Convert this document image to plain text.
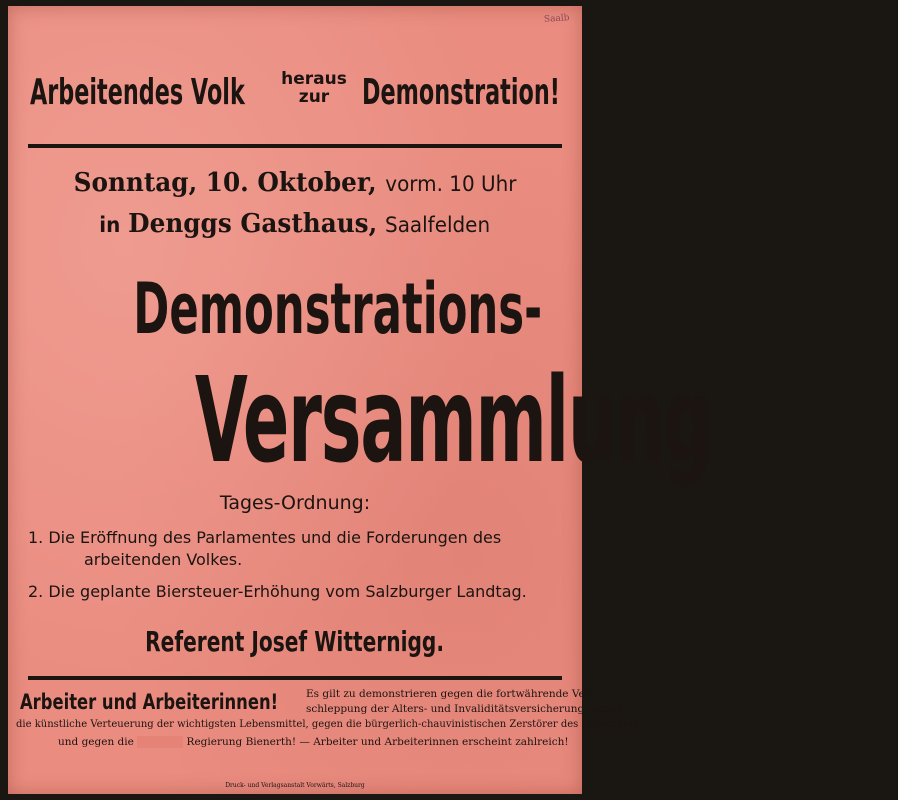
Saalb
Arbeitendes Volk heraus
zur Demonstration!
Sonntag, 10. Oktober, vorm. 10 Uhr
in Denggs Gasthaus, Saalfelden
Demonstrations-
Versammlung
Tages-Ordnung:
1. Die Eröffnung des Parlamentes und die Forderungen des
arbeitenden Volkes.
2. Die geplante Biersteuer-Erhöhung vom Salzburger Landtag.
Referent Josef Witternigg.
Arbeiter und Arbeiterinnen!	Es gilt zu demonstrieren gegen die fortwährende Ver-
schleppung der Alters- und Invaliditätsversicherung, gegen
die künstliche Verteuerung der wichtigsten Lebensmittel, gegen die bürgerlich-chauvinistischen Zerstörer des Parlaments
und gegen die	Regierung Bienerth! — Arbeiter und Arbeiterinnen erscheint zahlreich!
Druck- und Verlagsanstalt Vorwärts, Salzburg
